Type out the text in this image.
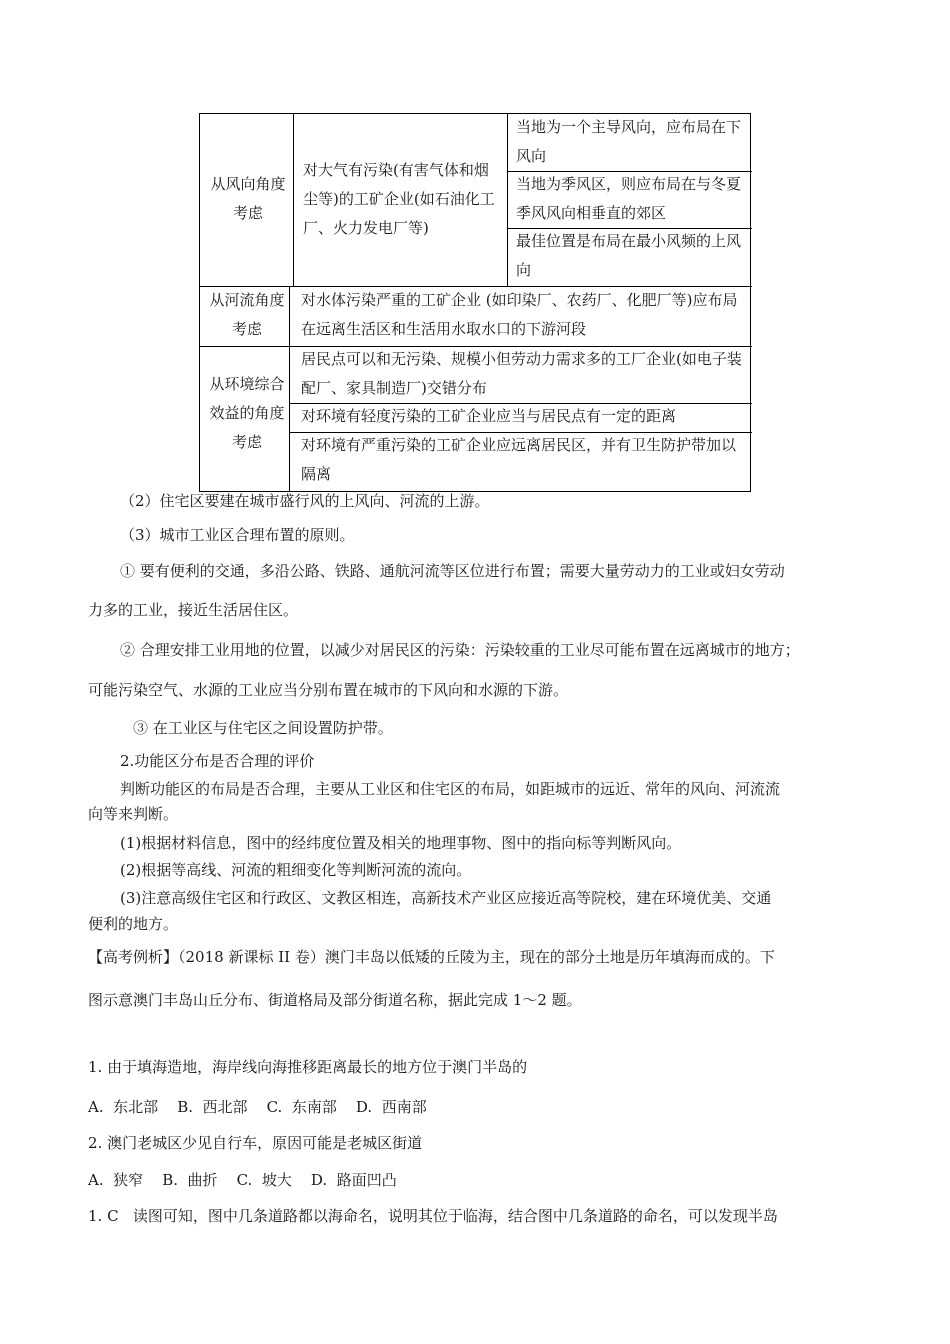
从风向角度考虑
对大气有污染(有害气体和烟尘等)的工矿企业(如石油化工厂、火力发电厂等)
当地为一个主导风向，应布局在下风向
当地为季风区，则应布局在与冬夏季风风向相垂直的郊区
最佳位置是布局在最小风频的上风向
从河流角度考虑
对水体污染严重的工矿企业 (如印染厂、农药厂、化肥厂等)应布局在远离生活区和生活用水取水口的下游河段
从环境综合效益的角度考虑
居民点可以和无污染、规模小但劳动力需求多的工厂企业(如电子装配厂、家具制造厂)交错分布
对环境有轻度污染的工矿企业应当与居民点有一定的距离
对环境有严重污染的工矿企业应远离居民区，并有卫生防护带加以隔离
（2）住宅区要建在城市盛行风的上风向、河流的上游。
（3）城市工业区合理布置的原则。
① 要有便利的交通，多沿公路、铁路、通航河流等区位进行布置；需要大量劳动力的工业或妇女劳动
力多的工业，接近生活居住区。
② 合理安排工业用地的位置，以减少对居民区的污染：污染较重的工业尽可能布置在远离城市的地方；
可能污染空气、水源的工业应当分别布置在城市的下风向和水源的下游。
③ 在工业区与住宅区之间设置防护带。
2.功能区分布是否合理的评价
判断功能区的布局是否合理，主要从工业区和住宅区的布局，如距城市的远近、常年的风向、河流流
向等来判断。
(1)根据材料信息，图中的经纬度位置及相关的地理事物、图中的指向标等判断风向。
(2)根据等高线、河流的粗细变化等判断河流的流向。
(3)注意高级住宅区和行政区、文教区相连，高新技术产业区应接近高等院校，建在环境优美、交通
便利的地方。
【高考例析】（2018 新课标 II 卷）澳门丰岛以低矮的丘陵为主，现在的部分土地是历年填海而成的。下
图示意澳门丰岛山丘分布、街道格局及部分街道名称，据此完成 1～2 题。
1. 由于填海造地，海岸线向海推移距离最长的地方位于澳门半岛的
A.  东北部    B.  西北部    C.  东南部    D.  西南部
2. 澳门老城区少见自行车，原因可能是老城区街道
A.  狭窄    B.  曲折    C.  坡大    D.  路面凹凸
1. C   读图可知，图中几条道路都以海命名，说明其位于临海，结合图中几条道路的命名，可以发现半岛
